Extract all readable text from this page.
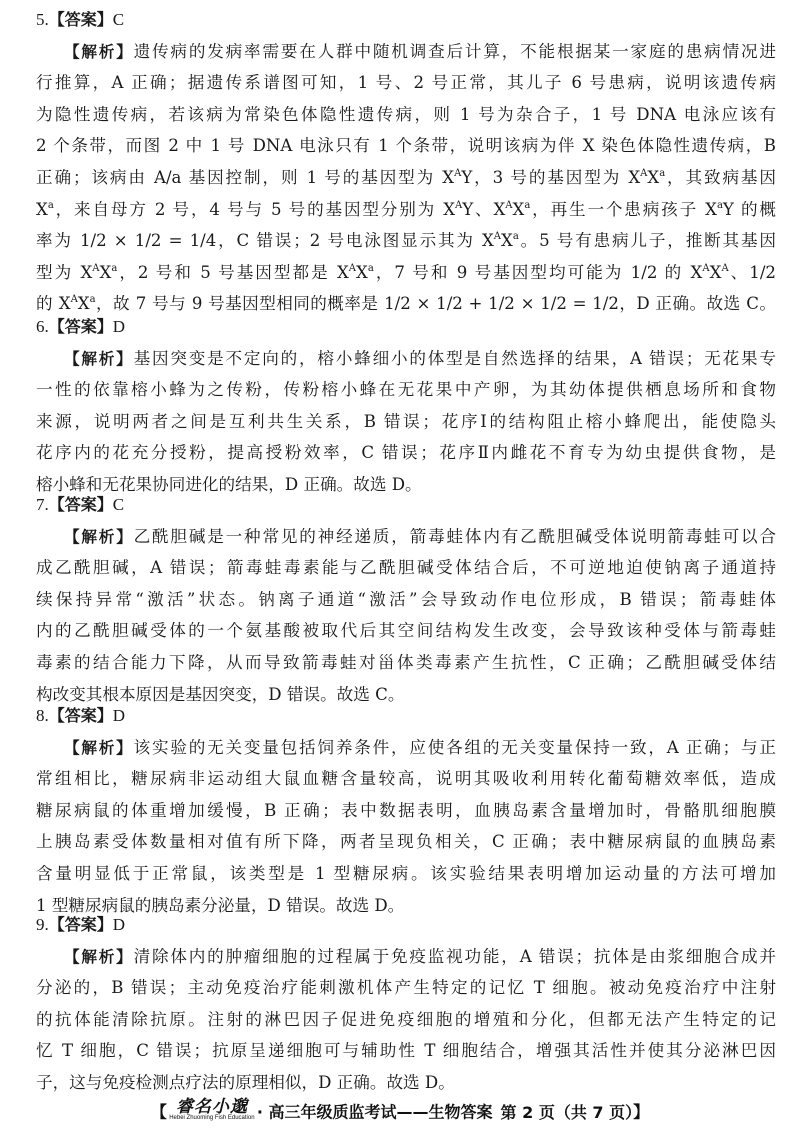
5.【答案】C
【解析】遗传病的发病率需要在人群中随机调查后计算，不能根据某一家庭的患病情况进
行推算，A 正确；据遗传系谱图可知，1 号、2 号正常，其儿子 6 号患病，说明该遗传病
为隐性遗传病，若该病为常染色体隐性遗传病，则 1 号为杂合子，1 号 DNA 电泳应该有
2 个条带，而图 2 中 1 号 DNA 电泳只有 1 个条带，说明该病为伴 X 染色体隐性遗传病，B
正确；该病由 A/a 基因控制，则 1 号的基因型为 $X^AY$，3 号的基因型为 $X^AX^a$，其致病基因
$X^a$，来自母方 2 号，4 号与 5 号的基因型分别为 $X^AY$、$X^AX^a$，再生一个患病孩子 $X^aY$ 的概
率为 1/2 × 1/2 = 1/4，C 错误；2 号电泳图显示其为 $X^AX^a$。5 号有患病儿子，推断其基因
型为 $X^AX^a$，2 号和 5 号基因型都是 $X^AX^a$，7 号和 9 号基因型均可能为 1/2 的 $X^AX^A$、1/2
的 $X^AX^a$，故 7 号与 9 号基因型相同的概率是 1/2 × 1/2 + 1/2 × 1/2 = 1/2，D 正确。故选 C。
6.【答案】D
【解析】基因突变是不定向的，榕小蜂细小的体型是自然选择的结果，A 错误；无花果专
一性的依靠榕小蜂为之传粉，传粉榕小蜂在无花果中产卵，为其幼体提供栖息场所和食物
来源，说明两者之间是互利共生关系，B 错误；花序Ⅰ的结构阻止榕小蜂爬出，能使隐头
花序内的花充分授粉，提高授粉效率，C 错误；花序Ⅱ内雌花不育专为幼虫提供食物，是
榕小蜂和无花果协同进化的结果，D 正确。故选 D。
7.【答案】C
【解析】乙酰胆碱是一种常见的神经递质，箭毒蛙体内有乙酰胆碱受体说明箭毒蛙可以合
成乙酰胆碱，A 错误；箭毒蛙毒素能与乙酰胆碱受体结合后，不可逆地迫使钠离子通道持
续保持异常“激活”状态。钠离子通道“激活”会导致动作电位形成，B 错误；箭毒蛙体
内的乙酰胆碱受体的一个氨基酸被取代后其空间结构发生改变，会导致该种受体与箭毒蛙
毒素的结合能力下降，从而导致箭毒蛙对甾体类毒素产生抗性，C 正确；乙酰胆碱受体结
构改变其根本原因是基因突变，D 错误。故选 C。
8.【答案】D
【解析】该实验的无关变量包括饲养条件，应使各组的无关变量保持一致，A 正确；与正
常组相比，糖尿病非运动组大鼠血糖含量较高，说明其吸收利用转化葡萄糖效率低，造成
糖尿病鼠的体重增加缓慢，B 正确；表中数据表明，血胰岛素含量增加时，骨骼肌细胞膜
上胰岛素受体数量相对值有所下降，两者呈现负相关，C 正确；表中糖尿病鼠的血胰岛素
含量明显低于正常鼠，该类型是 1 型糖尿病。该实验结果表明增加运动量的方法可增加
1 型糖尿病鼠的胰岛素分泌量，D 错误。故选 D。
9.【答案】D
【解析】清除体内的肿瘤细胞的过程属于免疫监视功能，A 错误；抗体是由浆细胞合成并
分泌的，B 错误；主动免疫治疗能刺激机体产生特定的记忆 T 细胞。被动免疫治疗中注射
的抗体能清除抗原。注射的淋巴因子促进免疫细胞的增殖和分化，但都无法产生特定的记
忆 T 细胞，C 错误；抗原呈递细胞可与辅助性 T 细胞结合，增强其活性并使其分泌淋巴因
子，这与免疫检测点疗法的原理相似，D 正确。故选 D。
【 睿名小邈
Hebei Zhuoming Fish Education · 高三年级质监考试——生物答案 第 2 页（共 7 页）】
